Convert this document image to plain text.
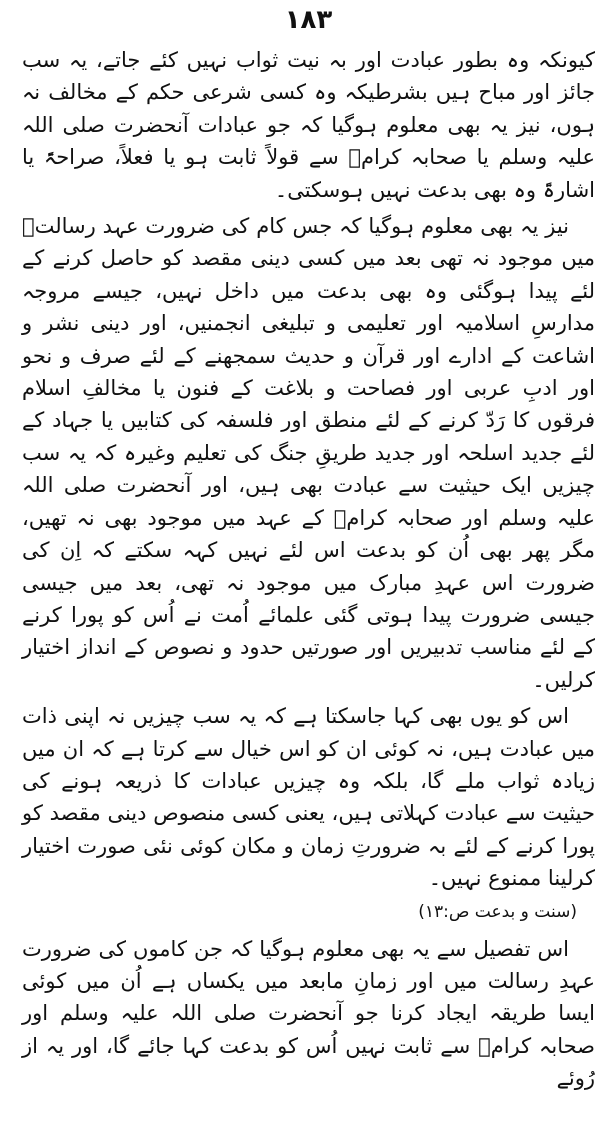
١٨٣

کیونکہ وہ بطور عبادت اور بہ نیت ثواب نہیں کئے جاتے، یہ سب جائز اور مباح ہیں بشرطیکہ وہ کسی شرعی حکم کے مخالف نہ ہوں، نیز یہ بھی معلوم ہوگیا کہ جو عبادات آنحضرت صلی اللہ علیہ وسلم یا صحابہ کرامؓ سے قولاً ثابت ہو یا فعلاً، صراحۃً یا اشارۃً وہ بھی بدعت نہیں ہوسکتی۔

نیز یہ بھی معلوم ہوگیا کہ جس کام کی ضرورت عہد رسالتؐ میں موجود نہ تھی بعد میں کسی دینی مقصد کو حاصل کرنے کے لئے پیدا ہوگئی وہ بھی بدعت میں داخل نہیں، جیسے مروجہ مدارسِ اسلامیہ اور تعلیمی و تبلیغی انجمنیں، اور دینی نشر و اشاعت کے ادارے اور قرآن و حدیث سمجھنے کے لئے صرف و نحو اور ادبِ عربی اور فصاحت و بلاغت کے فنون یا مخالفِ اسلام فرقوں کا رَدّ کرنے کے لئے منطق اور فلسفہ کی کتابیں یا جہاد کے لئے جدید اسلحہ اور جدید طریقِ جنگ کی تعلیم وغیرہ کہ یہ سب چیزیں ایک حیثیت سے عبادت بھی ہیں، اور آنحضرت صلی اللہ علیہ وسلم اور صحابہ کرامؓ کے عہد میں موجود بھی نہ تھیں، مگر پھر بھی اُن کو بدعت اس لئے نہیں کہہ سکتے کہ اِن کی ضرورت اس عہدِ مبارک میں موجود نہ تھی، بعد میں جیسی جیسی ضرورت پیدا ہوتی گئی علمائے اُمت نے اُس کو پورا کرنے کے لئے مناسب تدبیریں اور صورتیں حدود و نصوص کے انداز اختیار کرلیں۔

اس کو یوں بھی کہا جاسکتا ہے کہ یہ سب چیزیں نہ اپنی ذات میں عبادت ہیں، نہ کوئی ان کو اس خیال سے کرتا ہے کہ ان میں زیادہ ثواب ملے گا، بلکہ وہ چیزیں عبادات کا ذریعہ ہونے کی حیثیت سے عبادت کہلاتی ہیں، یعنی کسی منصوص دینی مقصد کو پورا کرنے کے لئے بہ ضرورتِ زمان و مکان کوئی نئی صورت اختیار کرلینا ممنوع نہیں۔

(سنت و بدعت ص:١٣)

اس تفصیل سے یہ بھی معلوم ہوگیا کہ جن کاموں کی ضرورت عہدِ رسالت میں اور زمانِ مابعد میں یکساں ہے اُن میں کوئی ایسا طریقہ ایجاد کرنا جو آنحضرت صلی اللہ علیہ وسلم اور صحابہ کرامؓ سے ثابت نہیں اُس کو بدعت کہا جائے گا، اور یہ از رُوئے
